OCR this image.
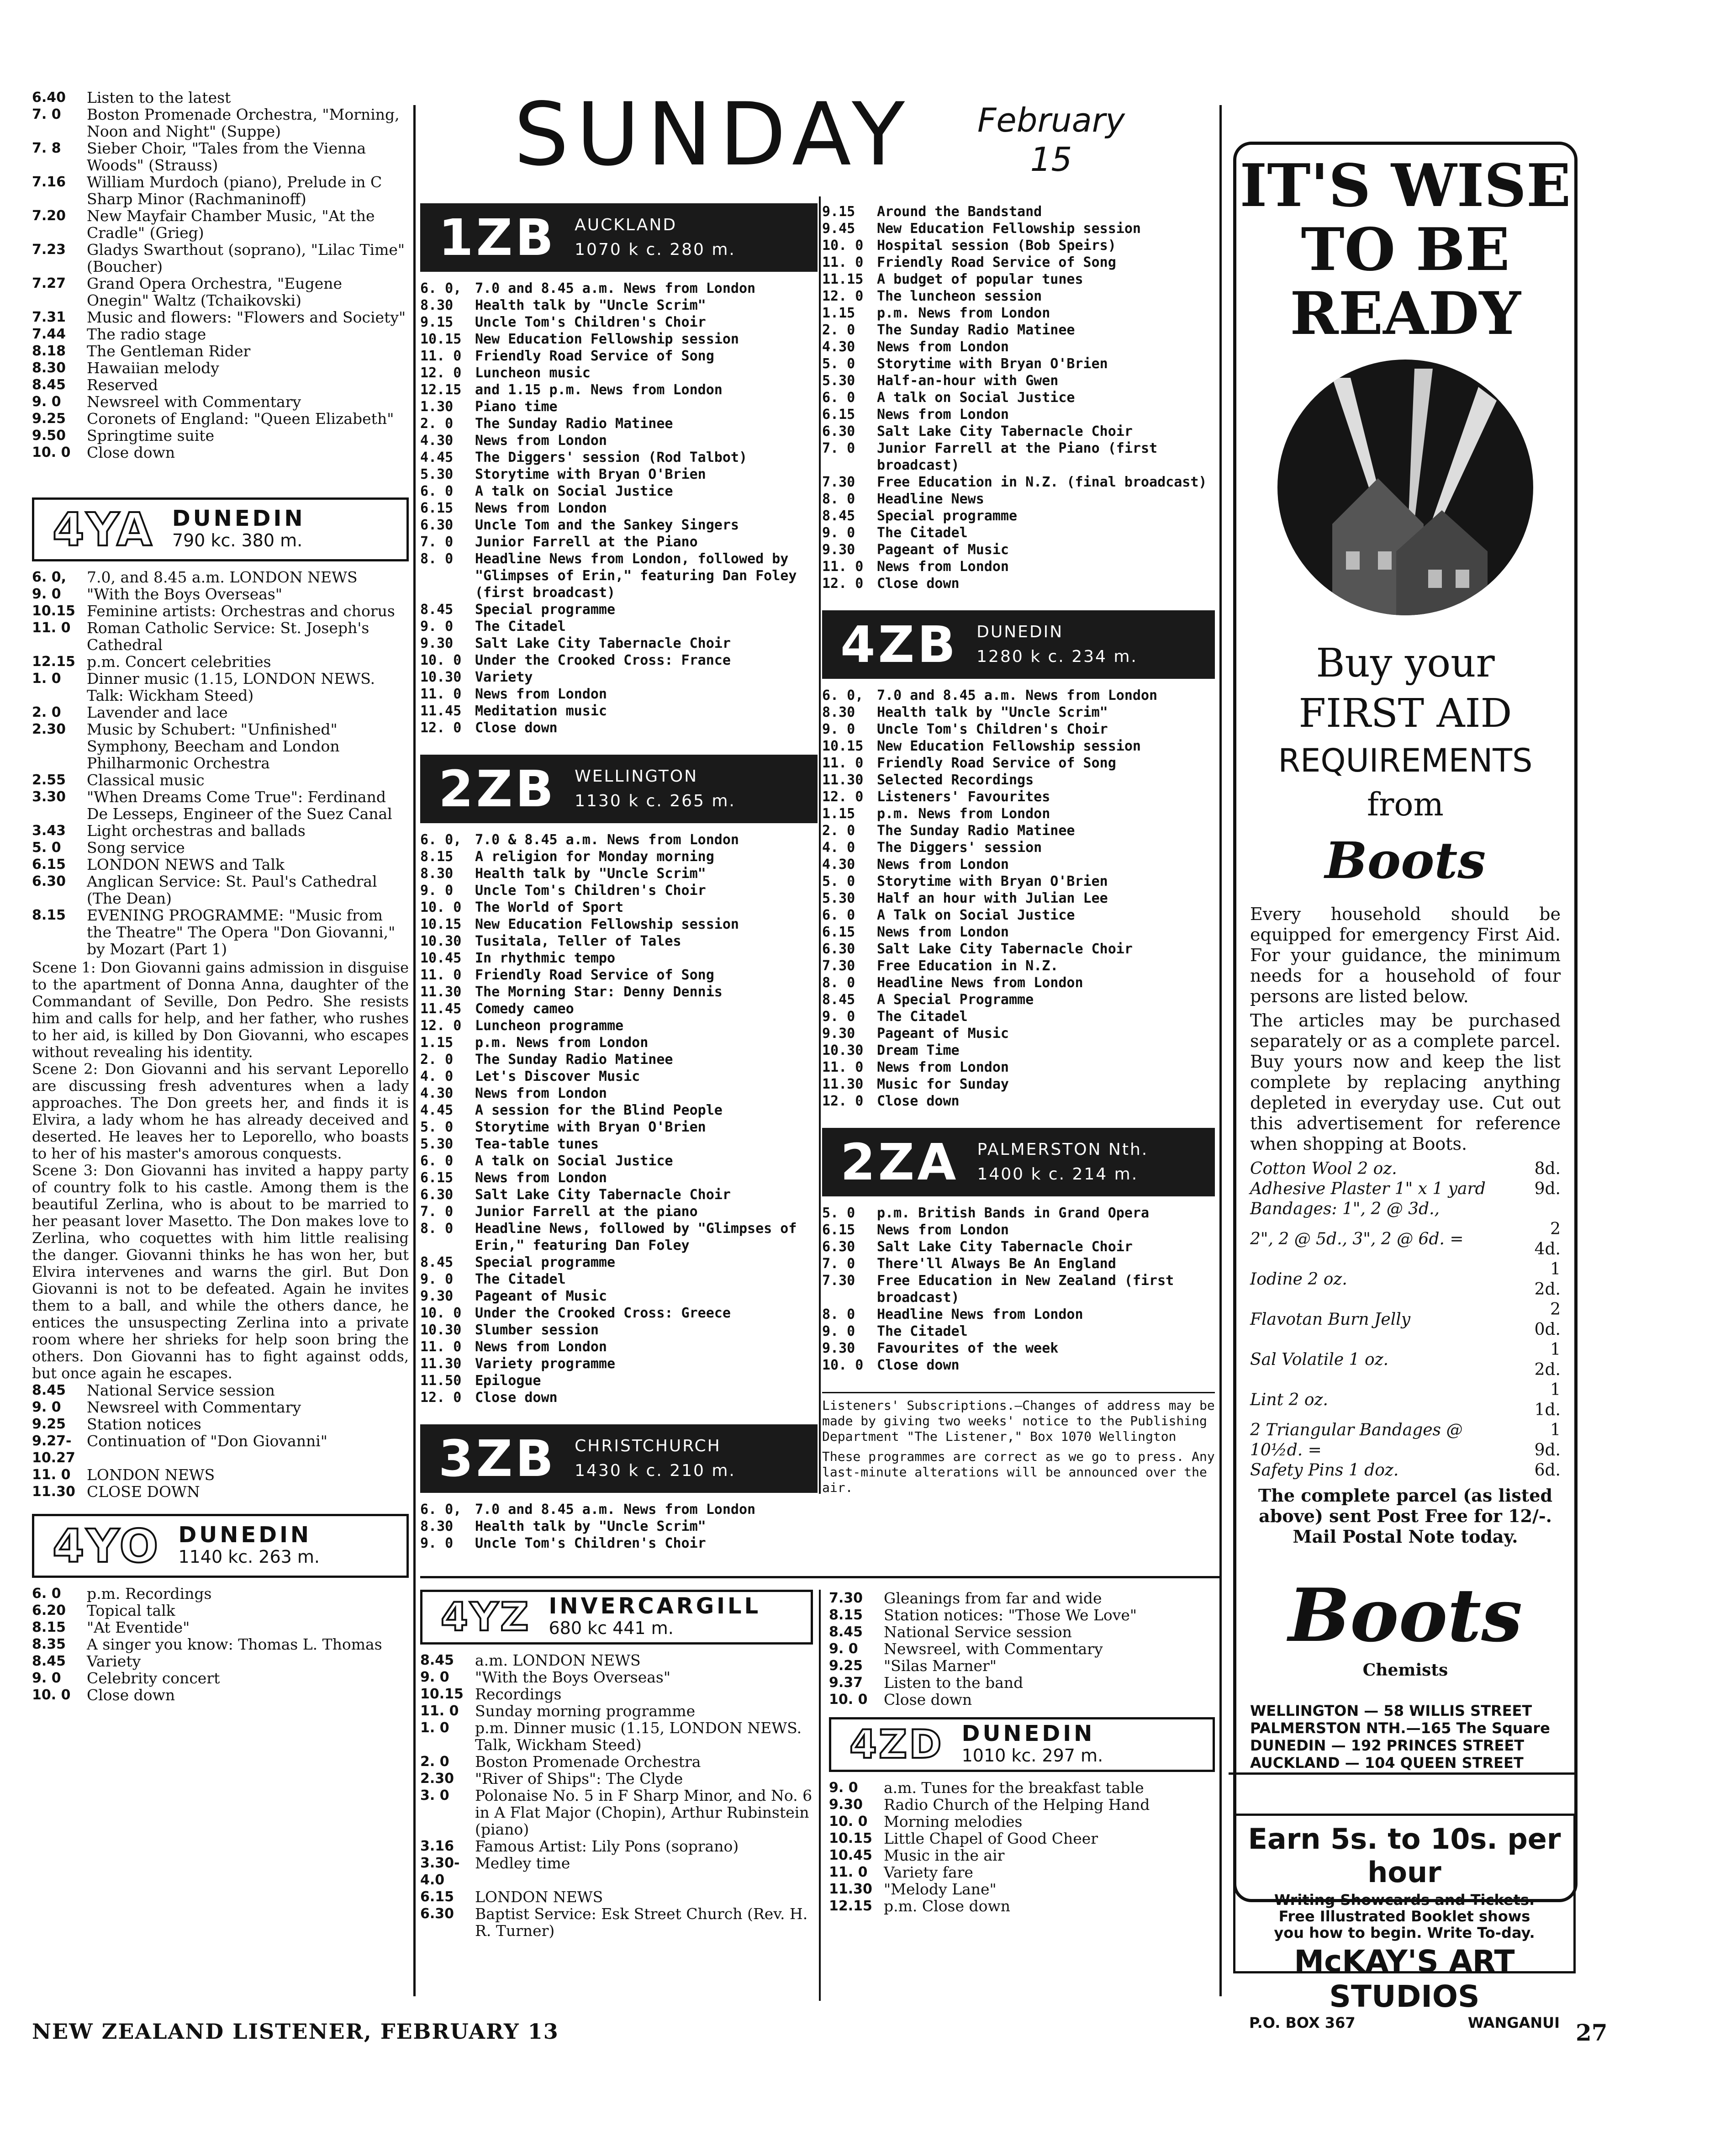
SUNDAY February
15
6.40	Listen to the latest
7. 0	Boston Promenade Orchestra, "Morning, Noon and Night" (Suppe)
7. 8	Sieber Choir, "Tales from the Vienna Woods" (Strauss)
7.16	William Murdoch (piano), Prelude in C Sharp Minor (Rachmaninoff)
7.20	New Mayfair Chamber Music, "At the Cradle" (Grieg)
7.23	Gladys Swarthout (soprano), "Lilac Time" (Boucher)
7.27	Grand Opera Orchestra, "Eugene Onegin" Waltz (Tchaikovski)
7.31	Music and flowers: "Flowers and Society"
7.44	The radio stage
8.18	The Gentleman Rider
8.30	Hawaiian melody
8.45	Reserved
9. 0	Newsreel with Commentary
9.25	Coronets of England: "Queen Elizabeth"
9.50	Springtime suite
10. 0	Close down
4YA DUNEDIN
790 kc. 380 m.
6. 0,	7.0, and 8.45 a.m. LONDON NEWS
9. 0	"With the Boys Overseas"
10.15 Feminine artists: Orchestras and chorus
11. 0	Roman Catholic Service: St. Joseph's Cathedral
12.15 p.m. Concert celebrities
1. 0	Dinner music (1.15, LONDON NEWS. Talk: Wickham Steed)
2. 0	Lavender and lace
2.30	Music by Schubert: "Unfinished" Symphony, Beecham and London Philharmonic Orchestra
2.55	Classical music
3.30	"When Dreams Come True": Ferdinand De Lesseps, Engineer of the Suez Canal
3.43	Light orchestras and ballads
5. 0	Song service
6.15	LONDON NEWS and Talk
6.30	Anglican Service: St. Paul's Cathedral (The Dean)
8.15	EVENING PROGRAMME: "Music from the Theatre" The Opera "Don Giovanni," by Mozart (Part 1)

Scene 1: Don Giovanni gains admission in disguise to the apartment of Donna Anna, daughter of the Commandant of Seville, Don Pedro. She resists him and calls for help, and her father, who rushes to her aid, is killed by Don Giovanni, who escapes without revealing his identity.

Scene 2: Don Giovanni and his servant Leporello are discussing fresh adventures when a lady approaches. The Don greets her, and finds it is Elvira, a lady whom he has already deceived and deserted. He leaves her to Leporello, who boasts to her of his master's amorous conquests.

Scene 3: Don Giovanni has invited a happy party of country folk to his castle. Among them is the beautiful Zerlina, who is about to be married to her peasant lover Masetto. The Don makes love to Zerlina, who coquettes with him little realising the danger. Giovanni thinks he has won her, but Elvira intervenes and warns the girl. But Don Giovanni is not to be defeated. Again he invites them to a ball, and while the others dance, he entices the unsuspecting Zerlina into a private room where her shrieks for help soon bring the others. Don Giovanni has to fight against odds, but once again he escapes.

8.45	National Service session
9. 0	Newsreel with Commentary
9.25	Station notices
9.27-10.27
Continuation of "Don Giovanni"
11. 0	LONDON NEWS
11.30 CLOSE DOWN
4YO DUNEDIN
1140 kc. 263 m.
6. 0	p.m. Recordings
6.20	Topical talk
8.15	"At Eventide"
8.35	A singer you know: Thomas L. Thomas
8.45	Variety
9. 0	Celebrity concert
10. 0	Close down
1ZB	AUCKLAND
1070 k c. 280 m.
6. 0, 7.0 and 8.45 a.m. News from London
8.30	Health talk by "Uncle Scrim"
9.15	Uncle Tom's Children's Choir
10.15 New Education Fellowship session
11. 0 Friendly Road Service of Song
12. 0 Luncheon music
12.15 and 1.15 p.m. News from London
1.30	Piano time
2. 0	The Sunday Radio Matinee
4.30	News from London
4.45	The Diggers' session (Rod Talbot)
5.30	Storytime with Bryan O'Brien
6. 0	A talk on Social Justice
6.15	News from London
6.30	Uncle Tom and the Sankey Singers
7. 0	Junior Farrell at the Piano
8. 0	Headline News from London, followed by "Glimpses of Erin," featuring Dan Foley (first broadcast)
8.45	Special programme
9. 0	The Citadel
9.30	Salt Lake City Tabernacle Choir
10. 0 Under the Crooked Cross: France
10.30 Variety
11. 0 News from London
11.45 Meditation music
12. 0 Close down
2ZB	WELLINGTON
1130 k c. 265 m.
6. 0, 7.0 & 8.45 a.m. News from London
8.15	A religion for Monday morning
8.30	Health talk by "Uncle Scrim"
9. 0	Uncle Tom's Children's Choir
10. 0 The World of Sport
10.15 New Education Fellowship session
10.30 Tusitala, Teller of Tales
10.45 In rhythmic tempo
11. 0 Friendly Road Service of Song
11.30 The Morning Star: Denny Dennis
11.45 Comedy cameo
12. 0 Luncheon programme
1.15	p.m. News from London
2. 0	The Sunday Radio Matinee
4. 0	Let's Discover Music
4.30	News from London
4.45	A session for the Blind People
5. 0	Storytime with Bryan O'Brien
5.30	Tea-table tunes
6. 0	A talk on Social Justice
6.15	News from London
6.30	Salt Lake City Tabernacle Choir
7. 0	Junior Farrell at the piano
8. 0	Headline News, followed by "Glimpses of Erin," featuring Dan Foley
8.45	Special programme
9. 0	The Citadel
9.30	Pageant of Music
10. 0 Under the Crooked Cross: Greece
10.30 Slumber session
11. 0 News from London
11.30 Variety programme
11.50 Epilogue
12. 0 Close down
3ZB	CHRISTCHURCH
1430 k c. 210 m.
6. 0, 7.0 and 8.45 a.m. News from London
8.30	Health talk by "Uncle Scrim"
9. 0	Uncle Tom's Children's Choir
9.15	Around the Bandstand
9.45	New Education Fellowship session
10. 0 Hospital session (Bob Speirs)
11. 0 Friendly Road Service of Song
11.15 A budget of popular tunes
12. 0 The luncheon session
1.15	p.m. News from London
2. 0	The Sunday Radio Matinee
4.30	News from London
5. 0	Storytime with Bryan O'Brien
5.30	Half-an-hour with Gwen
6. 0	A talk on Social Justice
6.15	News from London
6.30	Salt Lake City Tabernacle Choir
7. 0	Junior Farrell at the Piano (first broadcast)
7.30	Free Education in N.Z. (final broadcast)
8. 0	Headline News
8.45	Special programme
9. 0	The Citadel
9.30	Pageant of Music
11. 0 News from London
12. 0 Close down
4ZB	DUNEDIN
1280 k c. 234 m.
6. 0, 7.0 and 8.45 a.m. News from London
8.30	Health talk by "Uncle Scrim"
9. 0	Uncle Tom's Children's Choir
10.15 New Education Fellowship session
11. 0 Friendly Road Service of Song
11.30 Selected Recordings
12. 0 Listeners' Favourites
1.15	p.m. News from London
2. 0	The Sunday Radio Matinee
4. 0	The Diggers' session
4.30	News from London
5. 0	Storytime with Bryan O'Brien
5.30	Half an hour with Julian Lee
6. 0	A Talk on Social Justice
6.15	News from London
6.30	Salt Lake City Tabernacle Choir
7.30	Free Education in N.Z.
8. 0	Headline News from London
8.45	A Special Programme
9. 0	The Citadel
9.30	Pageant of Music
10.30 Dream Time
11. 0 News from London
11.30 Music for Sunday
12. 0 Close down
2ZA	PALMERSTON Nth.
1400 k c. 214 m.
5. 0	p.m. British Bands in Grand Opera
6.15	News from London
6.30	Salt Lake City Tabernacle Choir
7. 0	There'll Always Be An England
7.30	Free Education in New Zealand (first broadcast)
8. 0	Headline News from London
9. 0	The Citadel
9.30	Favourites of the week
10. 0 Close down
Listeners' Subscriptions.—Changes of address may be made by giving two weeks' notice to the Publishing Department "The Listener," Box 1070 Wellington
These programmes are correct as we go to press. Any last-minute alterations will be announced over the air.
4YZ INVERCARGILL
680 kc 441 m.
8.45	a.m. LONDON NEWS
9. 0	"With the Boys Overseas"
10.15 Recordings
11. 0	Sunday morning programme
1. 0	p.m. Dinner music (1.15, LONDON NEWS. Talk, Wickham Steed)
2. 0	Boston Promenade Orchestra
2.30	"River of Ships": The Clyde
3. 0	Polonaise No. 5 in F Sharp Minor, and No. 6 in A Flat Major (Chopin), Arthur Rubinstein (piano)
3.16	Famous Artist: Lily Pons (soprano)
3.30-4.0
Medley time
6.15	LONDON NEWS
6.30	Baptist Service: Esk Street Church (Rev. H. R. Turner)
7.30	Gleanings from far and wide
8.15	Station notices: "Those We Love"
8.45	National Service session
9. 0	Newsreel, with Commentary
9.25	"Silas Marner"
9.37	Listen to the band
10. 0	Close down
4ZD DUNEDIN
1010 kc. 297 m.
9. 0	a.m. Tunes for the breakfast table
9.30	Radio Church of the Helping Hand
10. 0	Morning melodies
10.15 Little Chapel of Good Cheer
10.45 Music in the air
11. 0	Variety fare
11.30 "Melody Lane"
12.15 p.m. Close down
IT'S WISE
TO BE
READY
Buy your
FIRST AID
REQUIREMENTS
from
Boots
Every household should be equipped for emergency First Aid. For your guidance, the minimum needs for a household of four persons are listed below.
The articles may be purchased separately or as a complete parcel. Buy yours now and keep the list complete by replacing anything depleted in everyday use. Cut out this advertisement for reference when shopping at Boots.
Cotton Wool 2 oz.	8d.
Adhesive Plaster 1" x 1 yard	9d.
Bandages: 1", 2 @ 3d.,	
2", 2 @ 5d., 3", 2 @ 6d. =	2 4d.
Iodine 2 oz.	1 2d.
Flavotan Burn Jelly	2 0d.
Sal Volatile 1 oz.	1 2d.
Lint 2 oz.	1 1d.
2 Triangular Bandages @ 10½d. =	1 9d.
Safety Pins 1 doz.	6d.
The complete parcel (as listed above) sent Post Free for 12/-. Mail Postal Note today.
Boots
Chemists
WELLINGTON — 58 WILLIS STREET
PALMERSTON NTH.—165 The Square
DUNEDIN — 192 PRINCES STREET
AUCKLAND — 104 QUEEN STREET
Earn 5s. to 10s. per hour
Writing Showcards and Tickets.
Free Illustrated Booklet shows
you how to begin. Write To-day.
McKAY'S ART STUDIOS
P.O. BOX 367	WANGANUI
NEW ZEALAND LISTENER, FEBRUARY 13	27
